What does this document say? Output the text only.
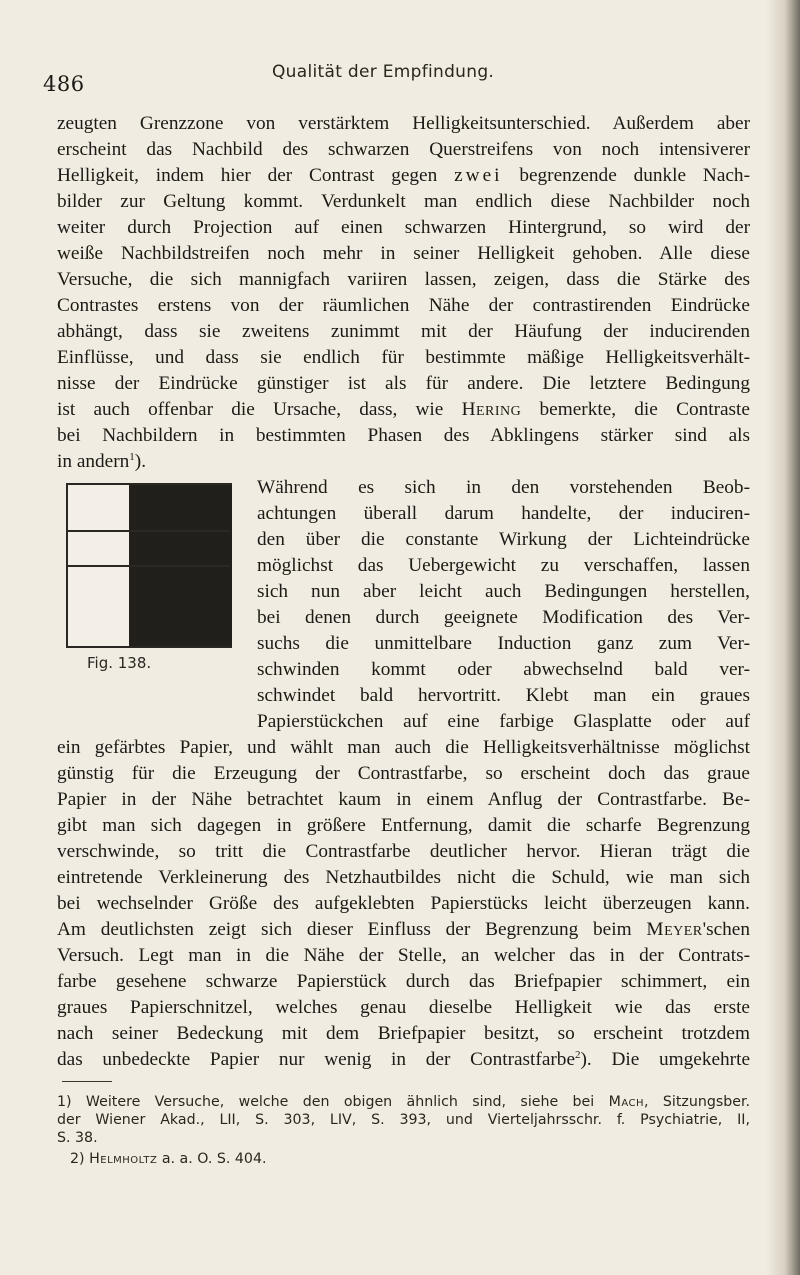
486	Qualität der Empfindung.
zeugten Grenzzone von verstärktem Helligkeitsunterschied. Außerdem aber
erscheint das Nachbild des schwarzen Querstreifens von noch intensiverer
Helligkeit, indem hier der Contrast gegen zwei begrenzende dunkle Nach-
bilder zur Geltung kommt. Verdunkelt man endlich diese Nachbilder noch
weiter durch Projection auf einen schwarzen Hintergrund, so wird der
weiße Nachbildstreifen noch mehr in seiner Helligkeit gehoben. Alle diese
Versuche, die sich mannigfach variiren lassen, zeigen, dass die Stärke des
Contrastes erstens von der räumlichen Nähe der contrastirenden Eindrücke
abhängt, dass sie zweitens zunimmt mit der Häufung der inducirenden
Einflüsse, und dass sie endlich für bestimmte mäßige Helligkeitsverhält-
nisse der Eindrücke günstiger ist als für andere. Die letztere Bedingung
ist auch offenbar die Ursache, dass, wie Hering bemerkte, die Contraste
bei Nachbildern in bestimmten Phasen des Abklingens stärker sind als
in andern$^1$).
Während es sich in den vorstehenden Beob-
achtungen überall darum handelte, der induciren-
den über die constante Wirkung der Lichteindrücke
möglichst das Uebergewicht zu verschaffen, lassen
sich nun aber leicht auch Bedingungen herstellen,
bei denen durch geeignete Modification des Ver-
suchs die unmittelbare Induction ganz zum Ver-
schwinden kommt oder abwechselnd bald ver-
schwindet bald hervortritt. Klebt man ein graues
Papierstückchen auf eine farbige Glasplatte oder auf
Fig. 138.
ein gefärbtes Papier, und wählt man auch die Helligkeitsverhältnisse möglichst
günstig für die Erzeugung der Contrastfarbe, so erscheint doch das graue
Papier in der Nähe betrachtet kaum in einem Anflug der Contrastfarbe. Be-
gibt man sich dagegen in größere Entfernung, damit die scharfe Begrenzung
verschwinde, so tritt die Contrastfarbe deutlicher hervor. Hieran trägt die
eintretende Verkleinerung des Netzhautbildes nicht die Schuld, wie man sich
bei wechselnder Größe des aufgeklebten Papierstücks leicht überzeugen kann.
Am deutlichsten zeigt sich dieser Einfluss der Begrenzung beim Meyer'schen
Versuch. Legt man in die Nähe der Stelle, an welcher das in der Contrats-
farbe gesehene schwarze Papierstück durch das Briefpapier schimmert, ein
graues Papierschnitzel, welches genau dieselbe Helligkeit wie das erste
nach seiner Bedeckung mit dem Briefpapier besitzt, so erscheint trotzdem
das unbedeckte Papier nur wenig in der Contrastfarbe$^2$). Die umgekehrte
1) Weitere Versuche, welche den obigen ähnlich sind, siehe bei Mach, Sitzungsber.
der Wiener Akad., LII, S. 303, LIV, S. 393, und Vierteljahrsschr. f. Psychiatrie, II,
S. 38.
2) Helmholtz a. a. O. S. 404.
